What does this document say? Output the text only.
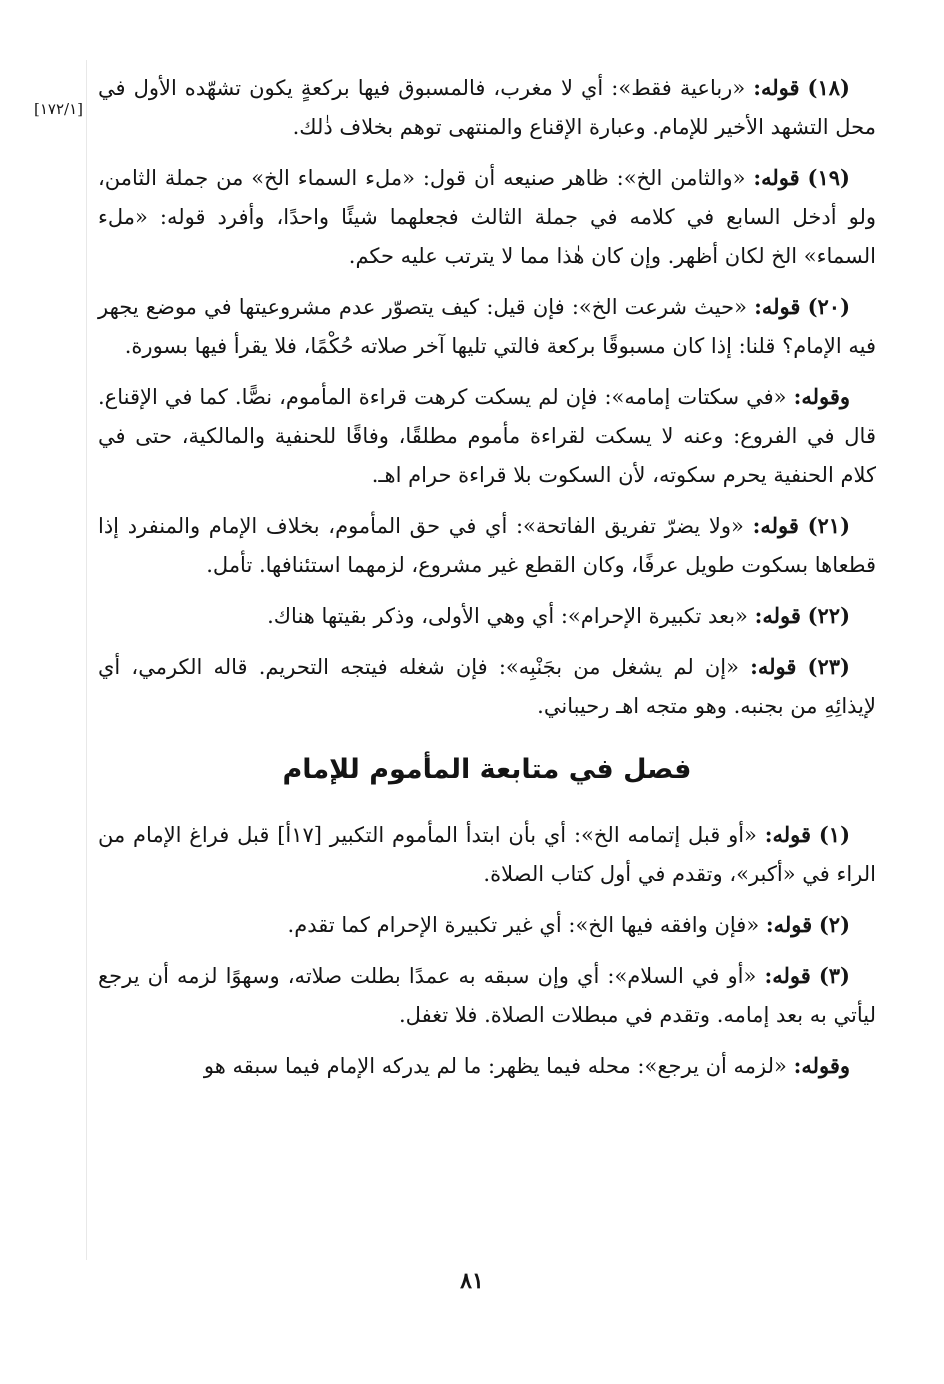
[١٧٢/١]

(١٨) قوله: «رباعية فقط»: أي لا مغرب، فالمسبوق فيها بركعةٍ يكون تشهّده الأول في محل التشهد الأخير للإمام. وعبارة الإقناع والمنتهى توهم بخلاف ذٰلك.

(١٩) قوله: «والثامن الخ»: ظاهر صنيعه أن قول: «ملء السماء الخ» من جملة الثامن، ولو أدخل السابع في كلامه في جملة الثالث فجعلهما شيئًا واحدًا، وأفرد قوله: «ملء السماء» الخ لكان أظهر. وإن كان هٰذا مما لا يترتب عليه حكم.

(٢٠) قوله: «حيث شرعت الخ»: فإن قيل: كيف يتصوّر عدم مشروعيتها في موضع يجهر فيه الإمام؟ قلنا: إذا كان مسبوقًا بركعة فالتي تليها آخر صلاته حُكْمًا، فلا يقرأ فيها بسورة.

وقوله: «في سكتات إمامه»: فإن لم يسكت كرهت قراءة المأموم، نصًّا. كما في الإقناع. قال في الفروع: وعنه لا يسكت لقراءة مأموم مطلقًا، وفاقًا للحنفية والمالكية، حتى في كلام الحنفية يحرم سكوته، لأن السكوت بلا قراءة حرام اهـ.

(٢١) قوله: «ولا يضرّ تفريق الفاتحة»: أي في حق المأموم، بخلاف الإمام والمنفرد إذا قطعاها بسكوت طويل عرفًا، وكان القطع غير مشروع، لزمهما استئنافها. تأمل.

(٢٢) قوله: «بعد تكبيرة الإحرام»: أي وهي الأولى، وذكر بقيتها هناك.

(٢٣) قوله: «إن لم يشغل من بجَنْبِه»: فإن شغله فيتجه التحريم. قاله الكرمي، أي لإيذائِهِ من بجنبه. وهو متجه اهـ رحيباني.

فصل في متابعة المأموم للإمام

(١) قوله: «أو قبل إتمامه الخ»: أي بأن ابتدأ المأموم التكبير [١٧أ] قبل فراغ الإمام من الراء في «أكبر»، وتقدم في أول كتاب الصلاة.

(٢) قوله: «فإن وافقه فيها الخ»: أي غير تكبيرة الإحرام كما تقدم.

(٣) قوله: «أو في السلام»: أي وإن سبقه به عمدًا بطلت صلاته، وسهوًا لزمه أن يرجع ليأتي به بعد إمامه. وتقدم في مبطلات الصلاة. فلا تغفل.

وقوله: «لزمه أن يرجع»: محله فيما يظهر: ما لم يدركه الإمام فيما سبقه هو

٨١
